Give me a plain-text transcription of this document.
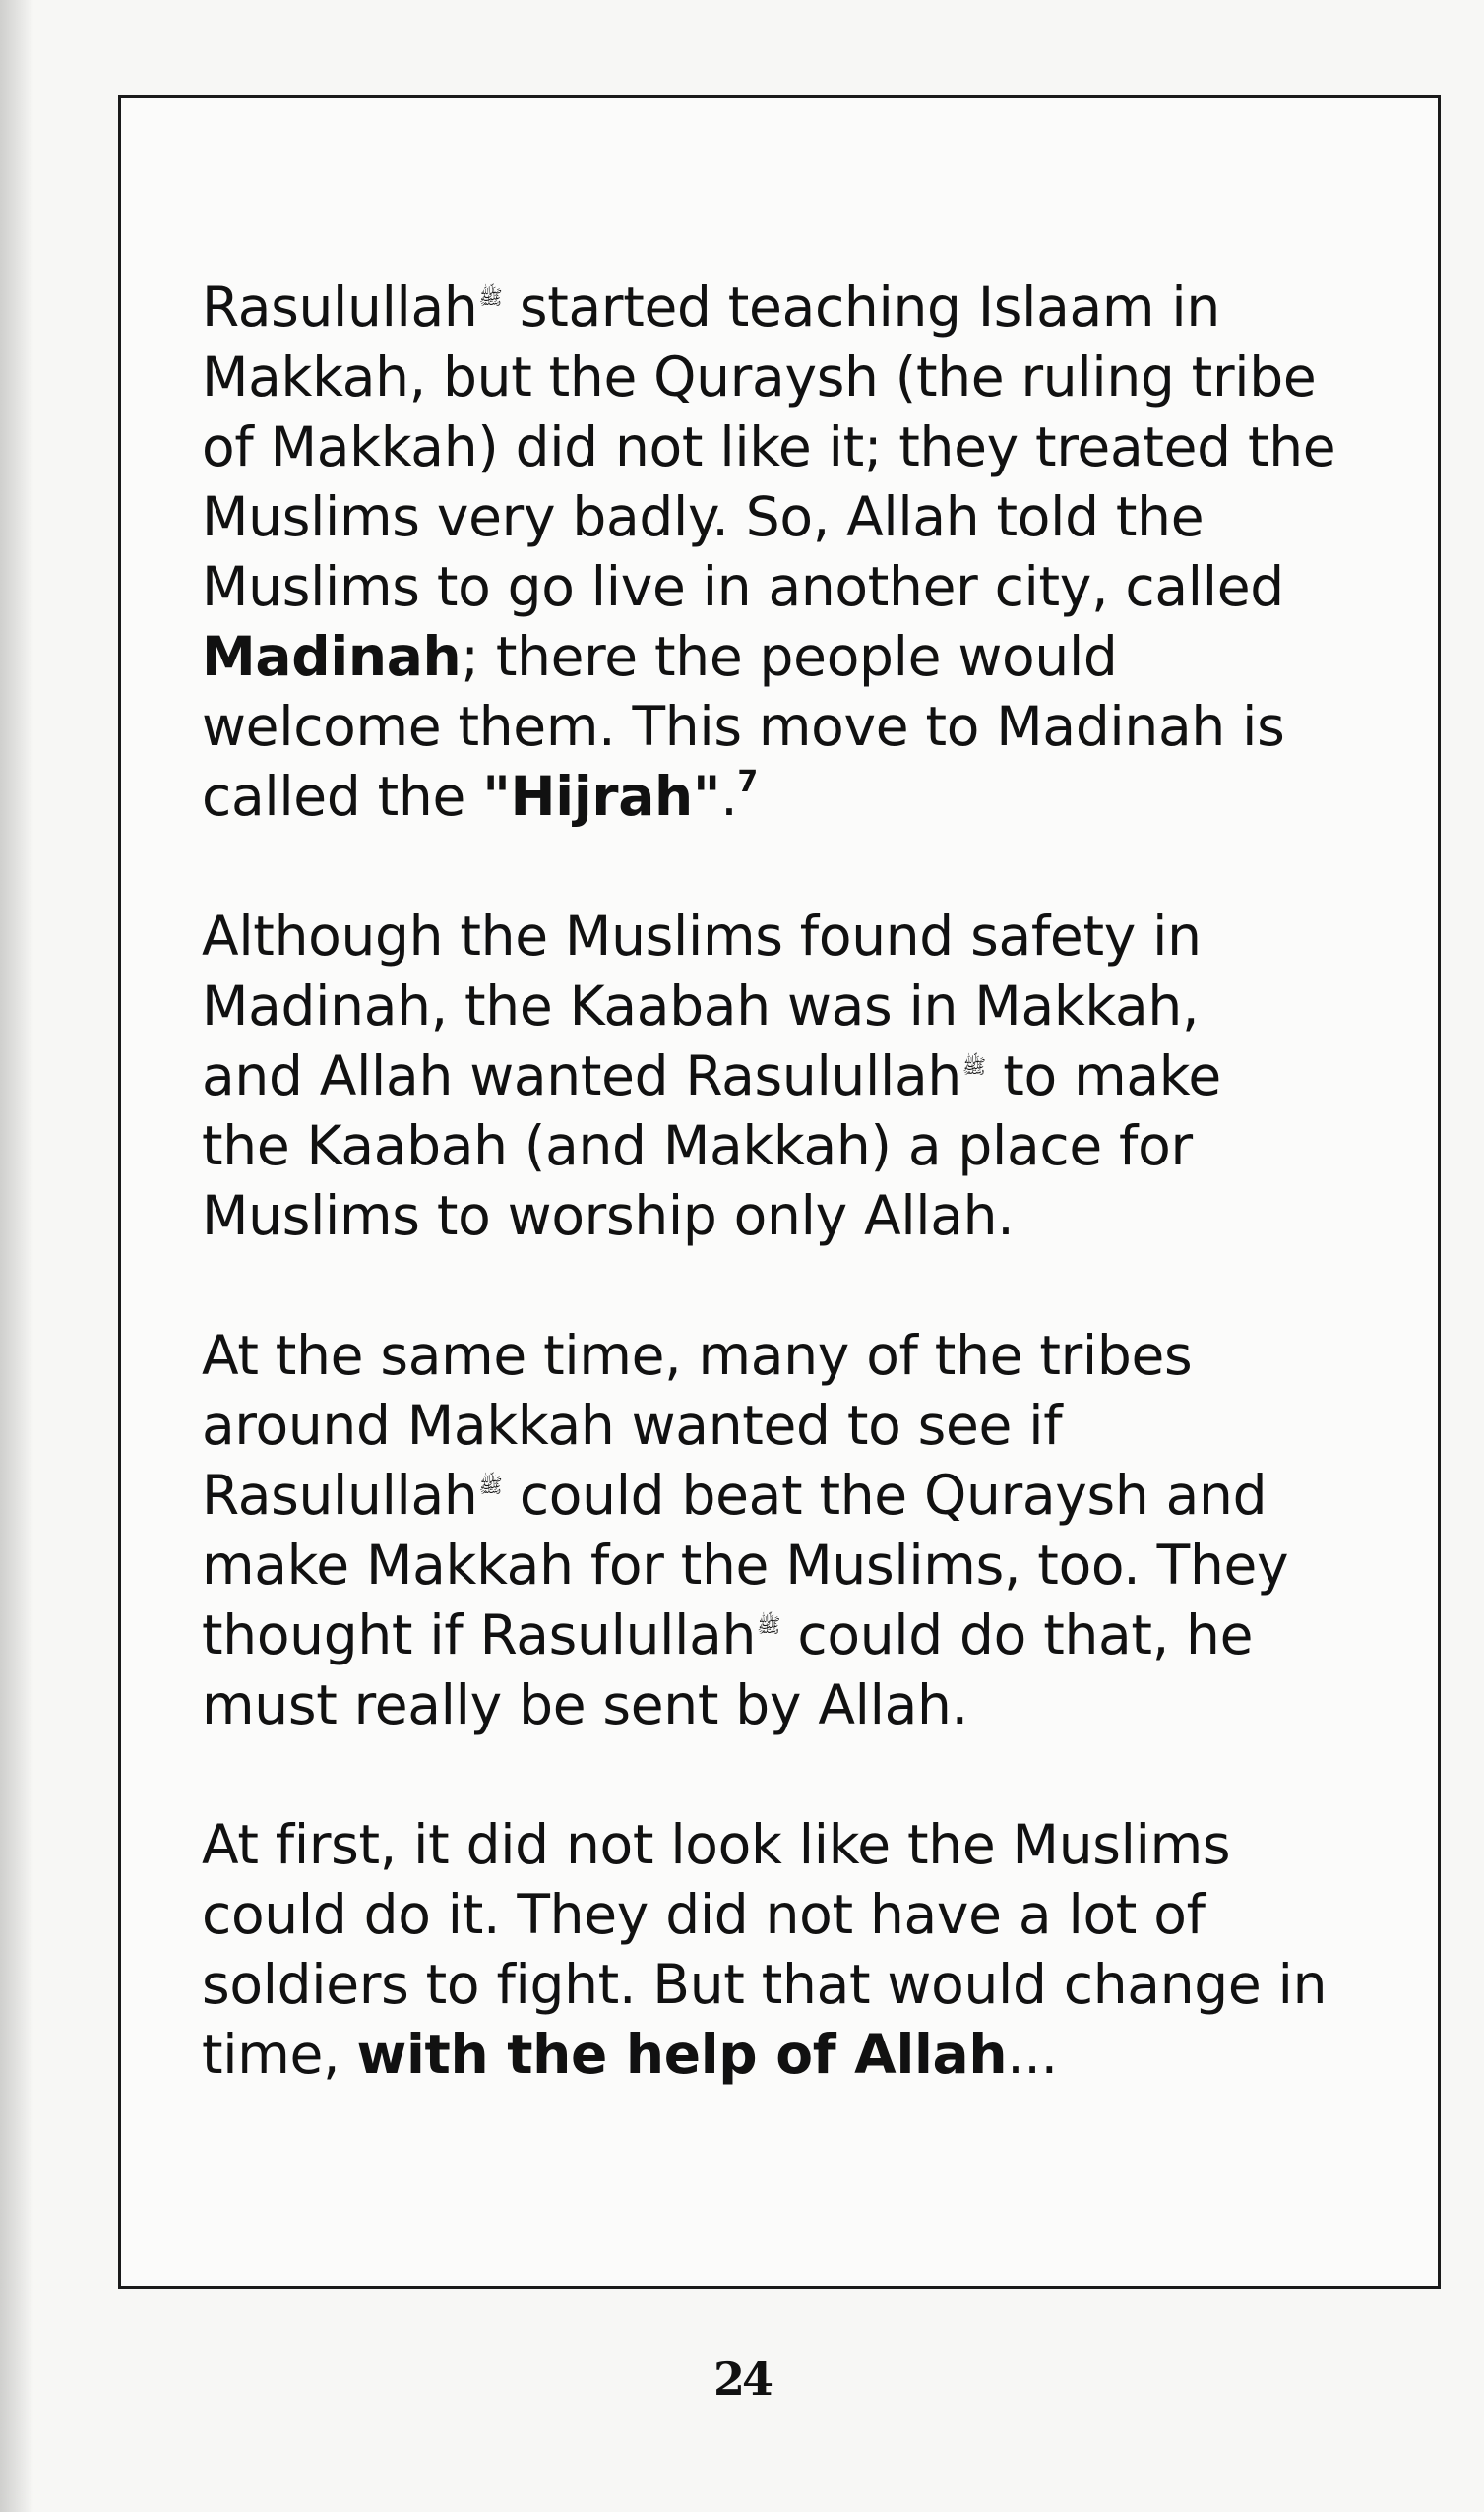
Rasulullahﷺ started teaching Islaam in
Makkah, but the Quraysh (the ruling tribe
of Makkah) did not like it; they treated the
Muslims very badly. So, Allah told the
Muslims to go live in another city, called
Madinah; there the people would
welcome them. This move to Madinah is
called the "Hijrah".$^7$
Although the Muslims found safety in
Madinah, the Kaabah was in Makkah,
and Allah wanted Rasulullahﷺ to make
the Kaabah (and Makkah) a place for
Muslims to worship only Allah.
At the same time, many of the tribes
around Makkah wanted to see if
Rasulullahﷺ could beat the Quraysh and
make Makkah for the Muslims, too. They
thought if Rasulullahﷺ could do that, he
must really be sent by Allah.
At first, it did not look like the Muslims
could do it. They did not have a lot of
soldiers to fight. But that would change in
time, with the help of Allah...
24
